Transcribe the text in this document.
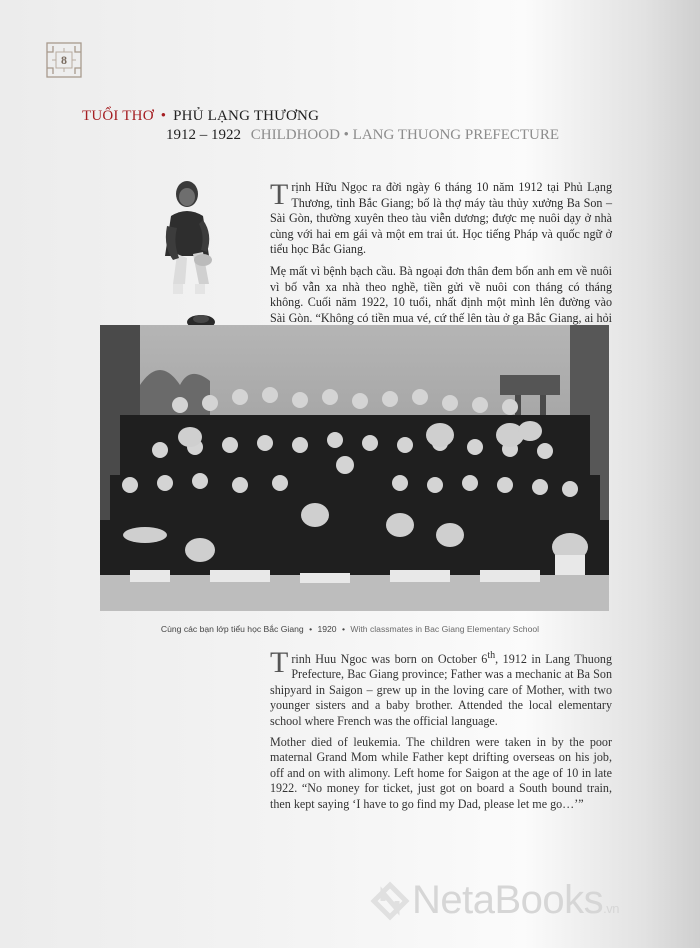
8
TUỔI THƠ • PHỦ LẠNG THƯƠNG
1912 – 1922 CHILDHOOD • LANG THUONG PREFECTURE

Trịnh Hữu Ngọc ra đời ngày 6 tháng 10 năm 1912 tại Phủ Lạng Thương, tỉnh Bắc Giang; bố là thợ máy tàu thủy xưởng Ba Son – Sài Gòn, thường xuyên theo tàu viễn dương; được mẹ nuôi dạy ở nhà cùng với hai em gái và một em trai út. Học tiếng Pháp và quốc ngữ ở tiểu học Bắc Giang.

Mẹ mất vì bệnh bạch cầu. Bà ngoại đơn thân đem bốn anh em về nuôi vì bố vẫn xa nhà theo nghề, tiền gửi về nuôi con tháng có tháng không. Cuối năm 1922, 10 tuổi, nhất định một mình lên đường vào Sài Gòn. “Không có tiền mua vé, cứ thế lên tàu ở ga Bắc Giang, ai hỏi

Cùng các bạn lớp tiểu học Bắc Giang • 1920 • With classmates in Bac Giang Elementary School

Trinh Huu Ngoc was born on October 6th, 1912 in Lang Thuong Prefecture, Bac Giang province; Father was a mechanic at Ba Son shipyard in Saigon – grew up in the loving care of Mother, with two younger sisters and a baby brother. Attended the local elementary school where French was the official language.

Mother died of leukemia. The children were taken in by the poor maternal Grand Mom while Father kept drifting overseas on his job, off and on with alimony. Left home for Saigon at the age of 10 in late 1922. “No money for ticket, just got on board a South bound train, then kept saying ‘I have to go find my Dad, please let me go…’”

NetaBooks.vn
